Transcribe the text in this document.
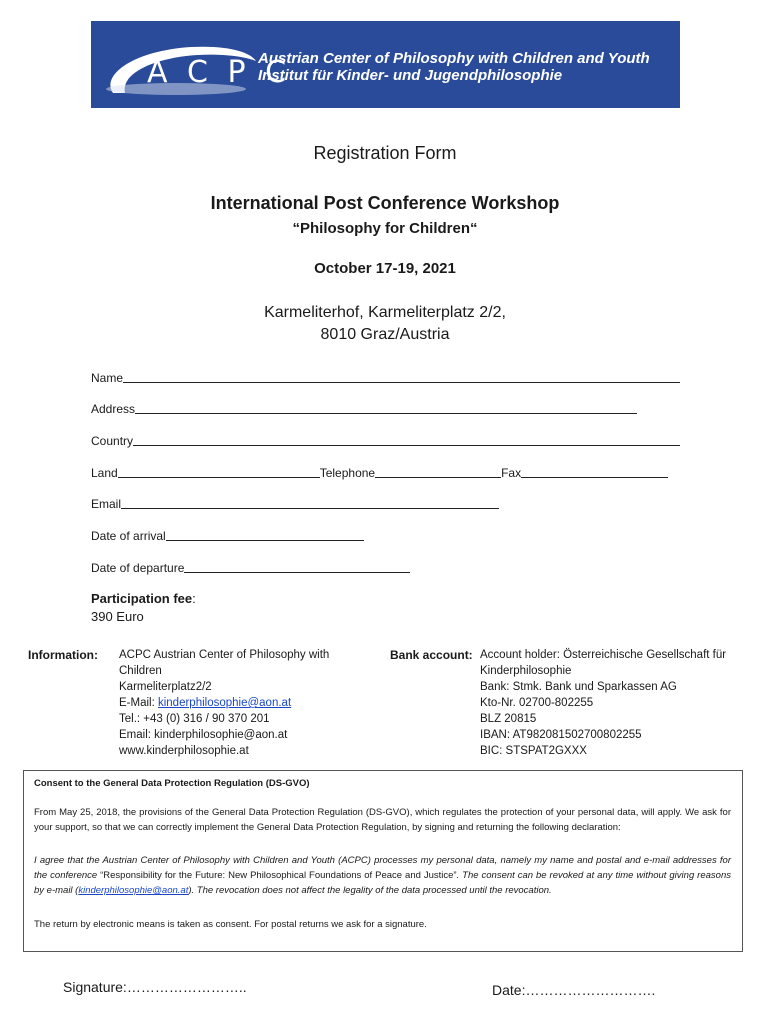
A C P C
Austrian Center of Philosophy with Children and Youth
Institut für Kinder- und Jugendphilosophie
Registration Form
International Post Conference Workshop
“Philosophy for Children“
October 17-19, 2021
Karmeliterhof, Karmeliterplatz 2/2,
8010 Graz/Austria
Name
Address
Country
Land	Telephone	Fax
Email
Date of arrival
Date of departure
Participation fee:
390 Euro
Information: ACPC Austrian Center of Philosophy with
Children
Karmeliterplatz2/2
E-Mail: kinderphilosophie@aon.at
Tel.: +43 (0) 316 / 90 370 201
Email: kinderphilosophie@aon.at
www.kinderphilosophie.at
Bank account: Account holder: Österreichische Gesellschaft für
Kinderphilosophie
Bank: Stmk. Bank und Sparkassen AG
Kto-Nr. 02700-802255
BLZ 20815
IBAN: AT982081502700802255
BIC: STSPAT2GXXX
Consent to the General Data Protection Regulation (DS-GVO)
From May 25, 2018, the provisions of the General Data Protection Regulation (DS-GVO), which regulates the protection of your personal data, will apply. We ask for your support, so that we can correctly implement the General Data Protection Regulation, by signing and returning the following declaration:
I agree that the Austrian Center of Philosophy with Children and Youth (ACPC) processes my personal data, namely my name and postal and e-mail addresses for the conference “Responsibility for the Future: New Philosophical Foundations of Peace and Justice”. The consent can be revoked at any time without giving reasons by e-mail (kinderphilosophie@aon.at). The revocation does not affect the legality of the data processed until the revocation.
The return by electronic means is taken as consent. For postal returns we ask for a signature.
Signature:……………………..	Date:……………………….
